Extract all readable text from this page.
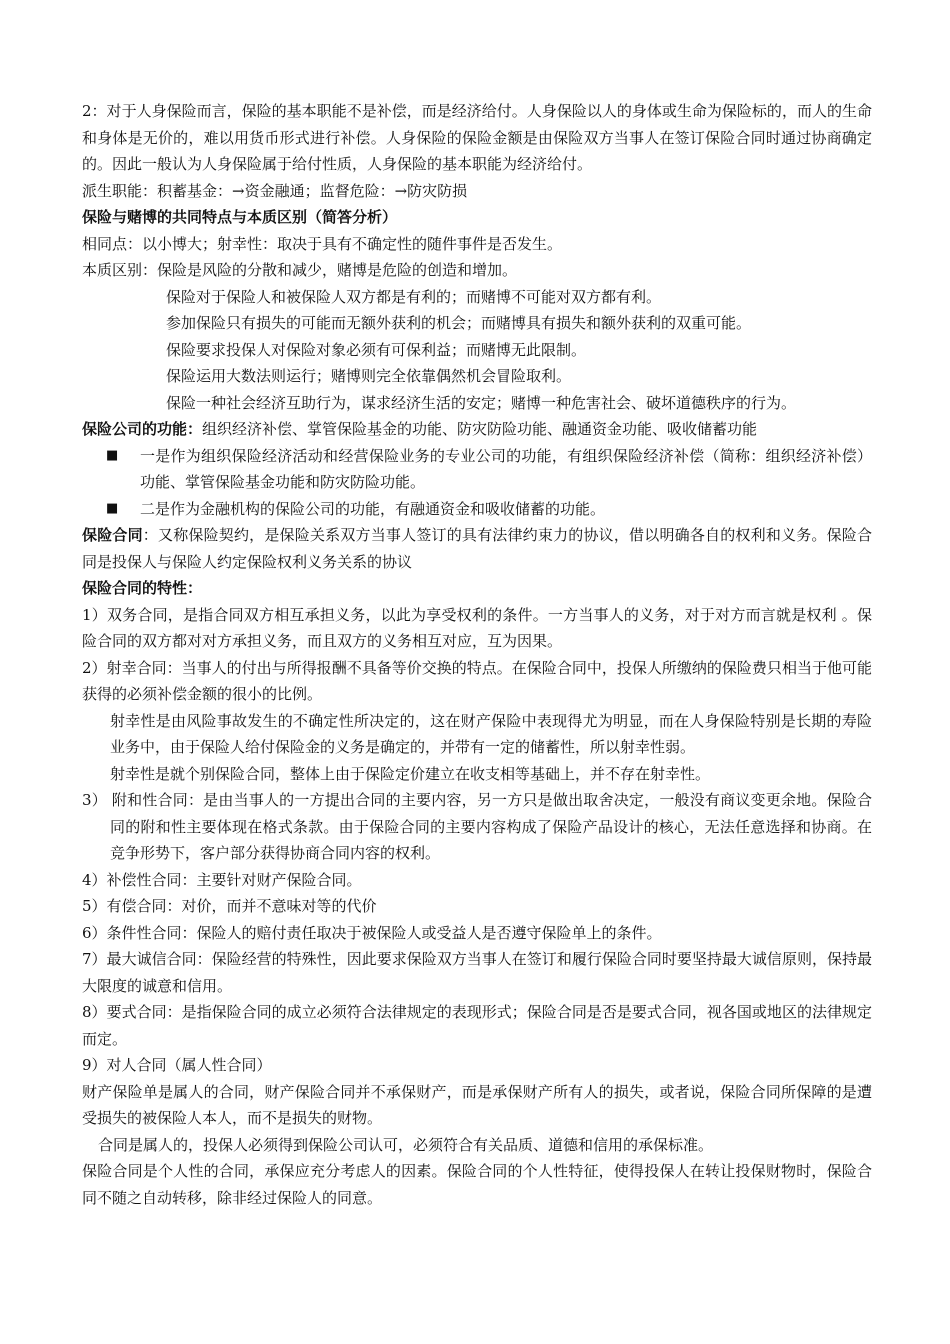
2：对于人身保险而言，保险的基本职能不是补偿，而是经济给付。人身保险以人的身体或生命为保险标的，而人的生命和身体是无价的，难以用货币形式进行补偿。人身保险的保险金额是由保险双方当事人在签订保险合同时通过协商确定的。因此一般认为人身保险属于给付性质，人身保险的基本职能为经济给付。

派生职能：积蓄基金：→资金融通；监督危险：→防灾防损

保险与赌博的共同特点与本质区别（简答分析）

相同点：以小博大；射幸性：取决于具有不确定性的随件事件是否发生。

本质区别：保险是风险的分散和减少，赌博是危险的创造和增加。

保险对于保险人和被保险人双方都是有利的；而赌博不可能对双方都有利。

参加保险只有损失的可能而无额外获利的机会；而赌博具有损失和额外获利的双重可能。

保险要求投保人对保险对象必须有可保利益；而赌博无此限制。

保险运用大数法则运行；赌博则完全依靠偶然机会冒险取利。

保险一种社会经济互助行为，谋求经济生活的安定；赌博一种危害社会、破坏道德秩序的行为。

保险公司的功能：组织经济补偿、掌管保险基金的功能、防灾防险功能、融通资金功能、吸收储蓄功能

■	一是作为组织保险经济活动和经营保险业务的专业公司的功能，有组织保险经济补偿（简称：组织经济补偿）功能、掌管保险基金功能和防灾防险功能。
■	二是作为金融机构的保险公司的功能，有融通资金和吸收储蓄的功能。

保险合同：又称保险契约，是保险关系双方当事人签订的具有法律约束力的协议，借以明确各自的权利和义务。保险合同是投保人与保险人约定保险权利义务关系的协议

保险合同的特性：

1）双务合同，是指合同双方相互承担义务，以此为享受权利的条件。一方当事人的义务，对于对方而言就是权利 。保险合同的双方都对对方承担义务，而且双方的义务相互对应，互为因果。

2）射幸合同：当事人的付出与所得报酬不具备等价交换的特点。在保险合同中，投保人所缴纳的保险费只相当于他可能获得的必须补偿金额的很小的比例。

射幸性是由风险事故发生的不确定性所决定的，这在财产保险中表现得尤为明显，而在人身保险特别是长期的寿险业务中，由于保险人给付保险金的义务是确定的，并带有一定的储蓄性，所以射幸性弱。

射幸性是就个别保险合同，整体上由于保险定价建立在收支相等基础上，并不存在射幸性。

3） 附和性合同：是由当事人的一方提出合同的主要内容，另一方只是做出取舍决定，一般没有商议变更余地。保险合同的附和性主要体现在格式条款。由于保险合同的主要内容构成了保险产品设计的核心，无法任意选择和协商。在竞争形势下，客户部分获得协商合同内容的权利。

4）补偿性合同：主要针对财产保险合同。

5）有偿合同：对价，而并不意味对等的代价

6）条件性合同：保险人的赔付责任取决于被保险人或受益人是否遵守保险单上的条件。

7）最大诚信合同：保险经营的特殊性，因此要求保险双方当事人在签订和履行保险合同时要坚持最大诚信原则，保持最大限度的诚意和信用。

8）要式合同：是指保险合同的成立必须符合法律规定的表现形式；保险合同是否是要式合同，视各国或地区的法律规定而定。

9）对人合同（属人性合同）

财产保险单是属人的合同，财产保险合同并不承保财产，而是承保财产所有人的损失，或者说，保险合同所保障的是遭受损失的被保险人本人，而不是损失的财物。

合同是属人的，投保人必须得到保险公司认可，必须符合有关品质、道德和信用的承保标准。

保险合同是个人性的合同，承保应充分考虑人的因素。保险合同的个人性特征，使得投保人在转让投保财物时，保险合同不随之自动转移，除非经过保险人的同意。
